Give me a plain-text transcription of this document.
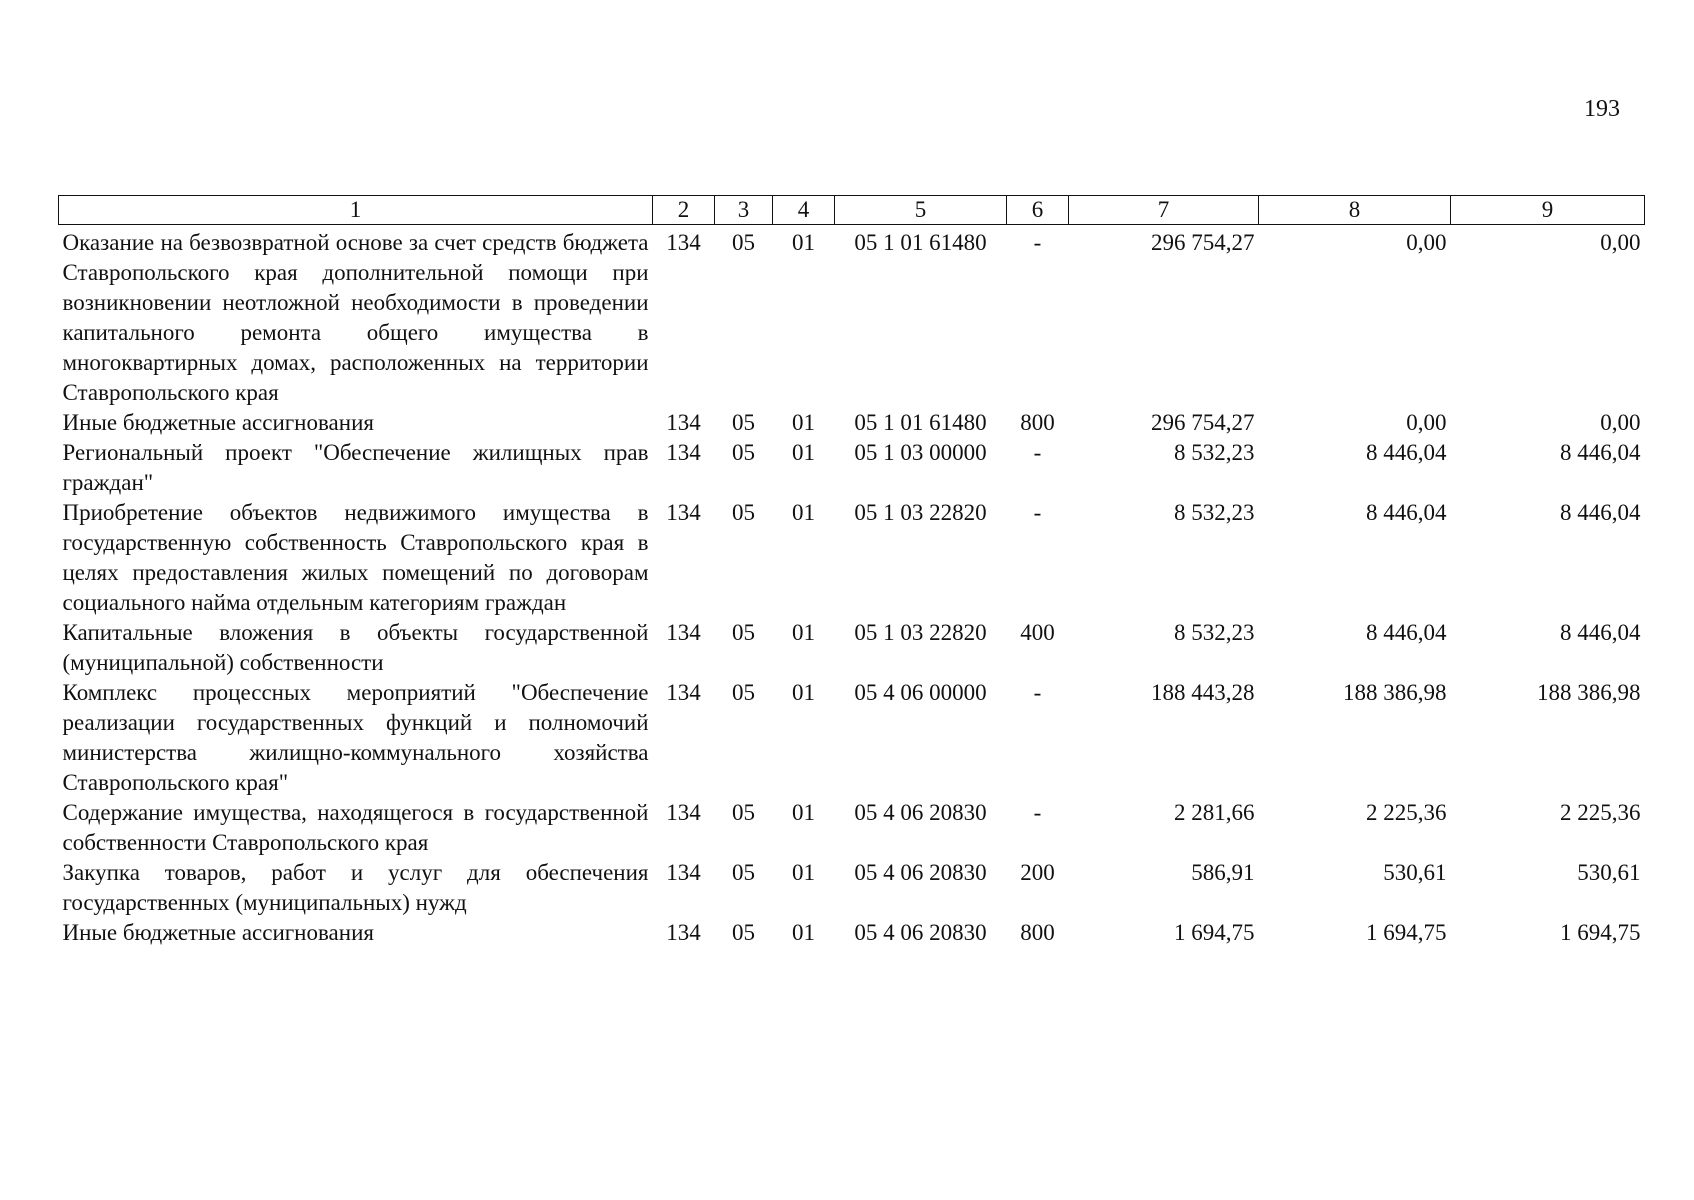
193
1	2	3	4	5	6	7	8	9
Оказание на безвозвратной основе за счет средств бюджета Ставропольского края дополнительной помощи при возникновении неотложной необходимости в проведении капитального ремонта общего имущества в многоквартирных домах, расположенных на территории Ставропольского края	134	05	01	05 1 01 61480	-	296 754,27	0,00	0,00
Иные бюджетные ассигнования	134	05	01	05 1 01 61480	800	296 754,27	0,00	0,00
Региональный проект "Обеспечение жилищных прав граждан"	134	05	01	05 1 03 00000	-	8 532,23	8 446,04	8 446,04
Приобретение объектов недвижимого имущества в государственную собственность Ставропольского края в целях предоставления жилых помещений по договорам социального найма отдельным категориям граждан	134	05	01	05 1 03 22820	-	8 532,23	8 446,04	8 446,04
Капитальные вложения в объекты государственной (муниципальной) собственности	134	05	01	05 1 03 22820	400	8 532,23	8 446,04	8 446,04
Комплекс процессных мероприятий "Обеспечение реализации государственных функций и полномочий министерства жилищно-коммунального хозяйства Ставропольского края"	134	05	01	05 4 06 00000	-	188 443,28	188 386,98	188 386,98
Содержание имущества, находящегося в государственной собственности Ставропольского края	134	05	01	05 4 06 20830	-	2 281,66	2 225,36	2 225,36
Закупка товаров, работ и услуг для обеспечения государственных (муниципальных) нужд	134	05	01	05 4 06 20830	200	586,91	530,61	530,61
Иные бюджетные ассигнования	134	05	01	05 4 06 20830	800	1 694,75	1 694,75	1 694,75
